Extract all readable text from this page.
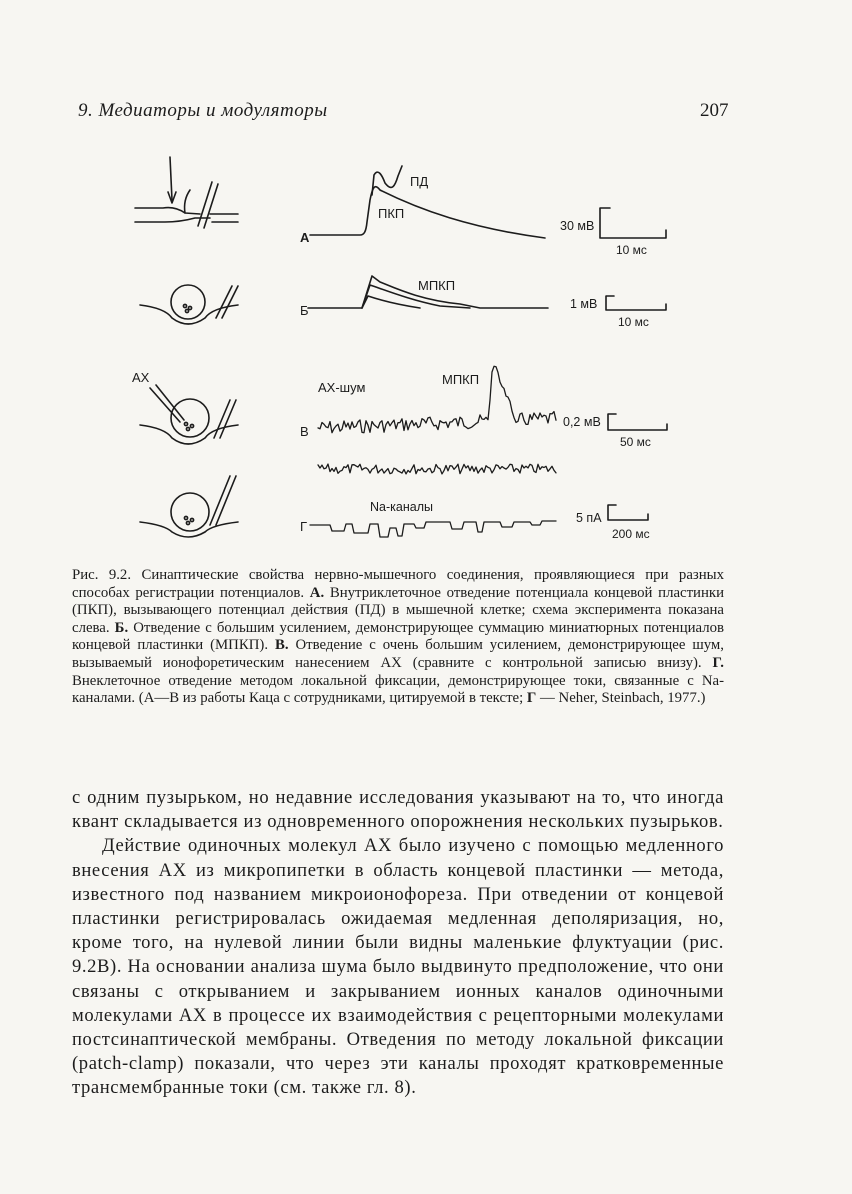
9. Медиаторы и модуляторы	207
А
ПД
ПКП
30 мВ
10 мс
Б
МПКП
1 мВ
10 мс
АХ
В
АХ-шум
МПКП
0,2 мВ
50 мс
Г
Na-каналы
5 пА
200 мс
Рис. 9.2. Синаптические свойства нервно-мышечного соединения, проявляющиеся при разных способах регистрации потенциалов. А. Внутриклеточное отведение потенциала концевой пластинки (ПКП), вызывающего потенциал действия (ПД) в мышечной клетке; схема эксперимента показана слева. Б. Отведение с большим усилением, демонстрирующее суммацию миниатюрных потенциалов концевой пластинки (МПКП). В. Отведение с очень большим усилением, демонстрирующее шум, вызываемый ионофоретическим нанесением АХ (сравните с контрольной записью внизу). Г. Внеклеточное отведение методом локальной фиксации, демонстрирующее токи, связанные с Na-каналами. (А—В из работы Каца с сотрудниками, цитируемой в тексте; Г — Neher, Steinbach, 1977.)

с одним пузырьком, но недавние исследования указывают на то, что иногда квант складывается из одновременного опорожнения нескольких пузырьков.

Действие одиночных молекул АХ было изучено с помощью медленного внесения АХ из микропипетки в область концевой пластинки — метода, известного под названием микроионофореза. При отведении от концевой пластинки регистрировалась ожидаемая медленная деполяризация, но, кроме того, на нулевой линии были видны маленькие флуктуации (рис. 9.2В). На основании анализа шума было выдвинуто предположение, что они связаны с открыванием и закрыванием ионных каналов одиночными молекулами АХ в процессе их взаимодействия с рецепторными молекулами постсинаптической мембраны. Отведения по методу локальной фиксации (patch-clamp) показали, что через эти каналы проходят кратковременные трансмембранные токи (см. также гл. 8).
